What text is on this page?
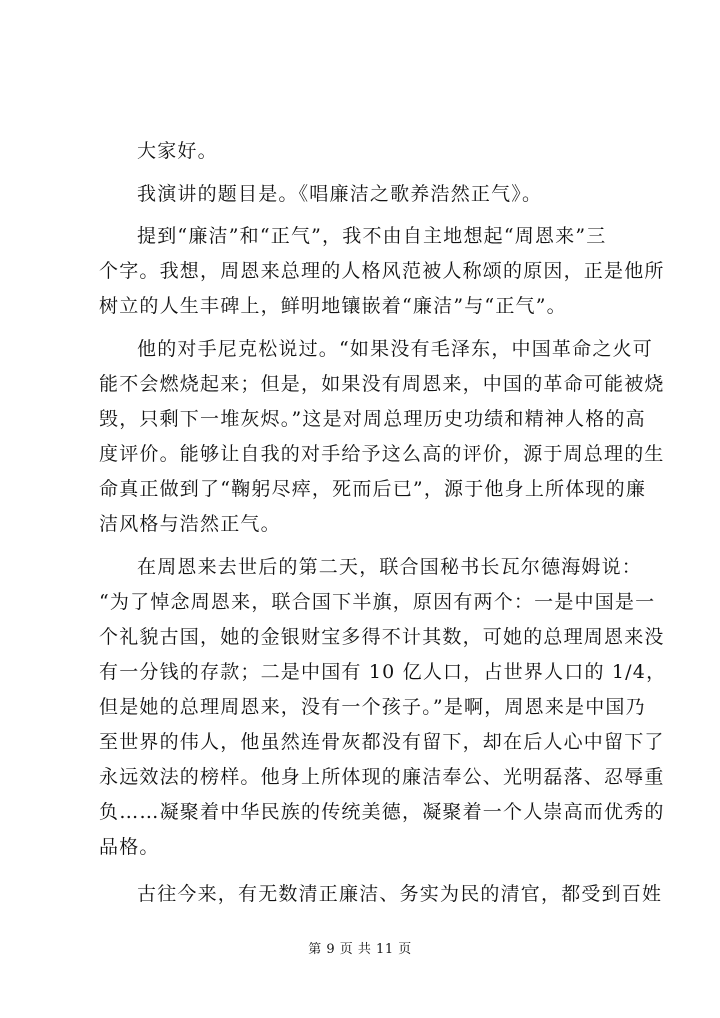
大家好。

我演讲的题目是。《唱廉洁之歌养浩然正气》。

提到“廉洁”和“正气”，我不由自主地想起“周恩来”三
个字。我想，周恩来总理的人格风范被人称颂的原因，正是他所
树立的人生丰碑上，鲜明地镶嵌着“廉洁”与“正气”。

他的对手尼克松说过。“如果没有毛泽东，中国革命之火可
能不会燃烧起来；但是，如果没有周恩来，中国的革命可能被烧
毁，只剩下一堆灰烬。”这是对周总理历史功绩和精神人格的高
度评价。能够让自我的对手给予这么高的评价，源于周总理的生
命真正做到了“鞠躬尽瘁，死而后已”，源于他身上所体现的廉
洁风格与浩然正气。

在周恩来去世后的第二天，联合国秘书长瓦尔德海姆说：
“为了悼念周恩来，联合国下半旗，原因有两个：一是中国是一
个礼貌古国，她的金银财宝多得不计其数，可她的总理周恩来没
有一分钱的存款；二是中国有 10 亿人口，占世界人口的 1/4，
但是她的总理周恩来，没有一个孩子。”是啊，周恩来是中国乃
至世界的伟人，他虽然连骨灰都没有留下，却在后人心中留下了
永远效法的榜样。他身上所体现的廉洁奉公、光明磊落、忍辱重
负……凝聚着中华民族的传统美德，凝聚着一个人崇高而优秀的
品格。

古往今来，有无数清正廉洁、务实为民的清官，都受到百姓

第 9 页 共 11 页
